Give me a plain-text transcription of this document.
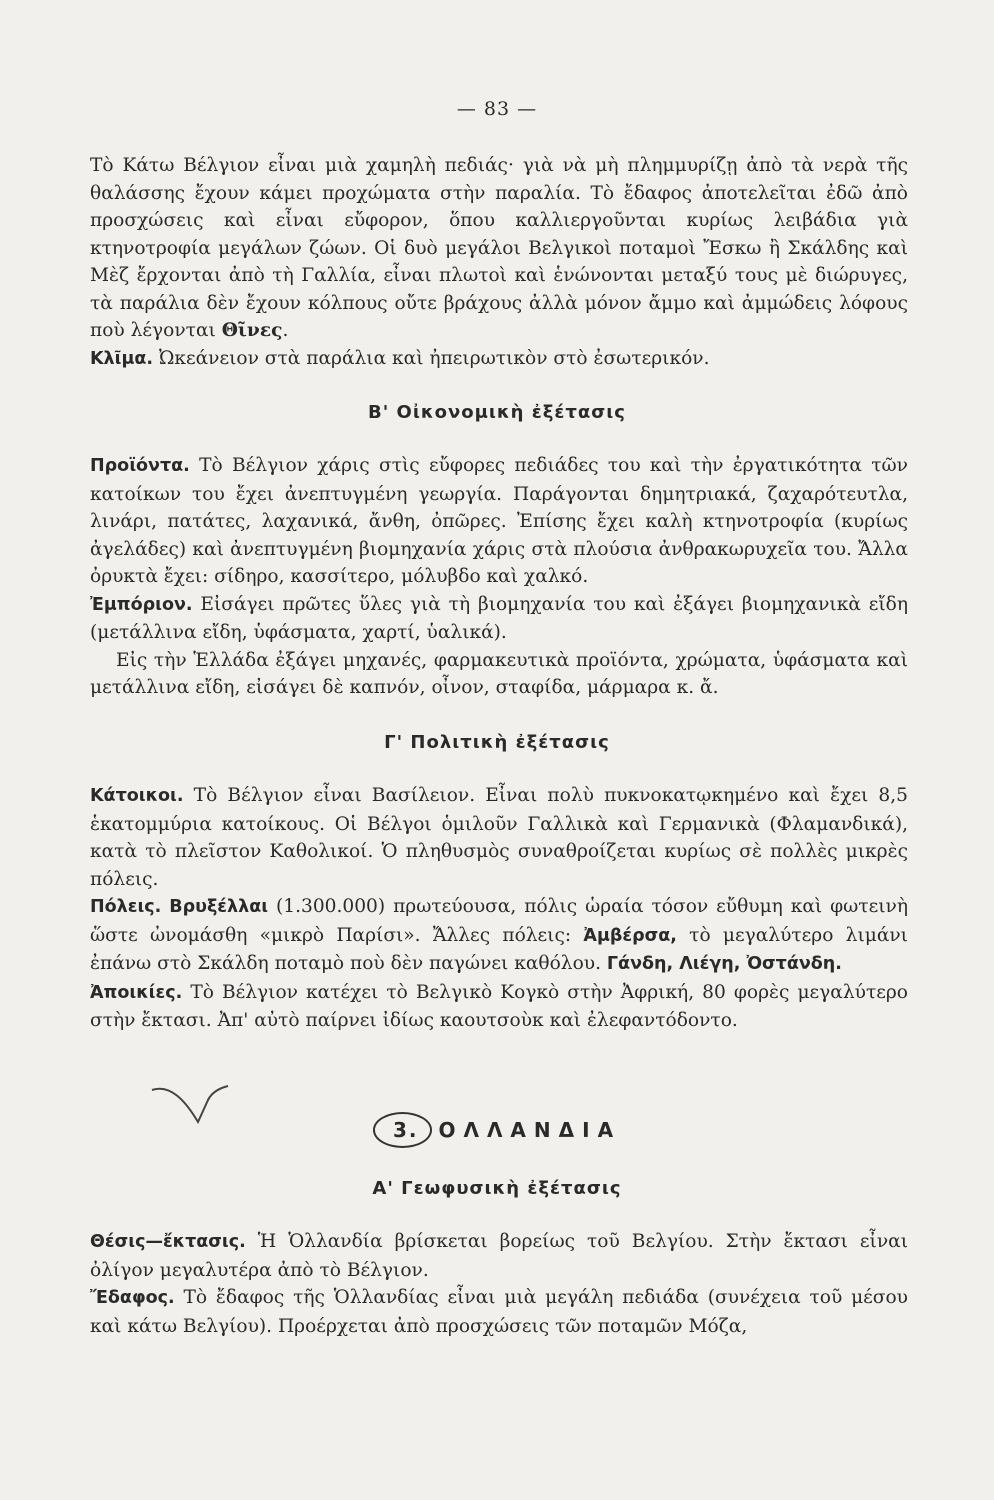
— 83 —

Τὸ Κάτω Βέλγιον εἶναι μιὰ χαμηλὴ πεδιάς· γιὰ νὰ μὴ πλημμυρίζῃ ἀπὸ τὰ νερὰ τῆς θαλάσσης ἔχουν κάμει προχώματα στὴν παραλία. Τὸ ἔδαφος ἀποτελεῖται ἐδῶ ἀπὸ προσχώσεις καὶ εἶναι εὔφορον, ὅπου καλλιεργοῦνται κυρίως λειβάδια γιὰ κτηνοτροφία μεγάλων ζώων. Οἱ δυὸ μεγάλοι Βελγικοὶ ποταμοὶ Ἔσκω ἢ Σκάλδης καὶ Μὲζ ἔρχονται ἀπὸ τὴ Γαλλία, εἶναι πλωτοὶ καὶ ἑνώνονται μεταξύ τους μὲ διώρυγες, τὰ παράλια δὲν ἔχουν κόλπους οὔτε βράχους ἀλλὰ μόνον ἄμμο καὶ ἀμμώδεις λόφους ποὺ λέγονται Θῖνες.

Κλῖμα. Ὠκεάνειον στὰ παράλια καὶ ἠπειρωτικὸν στὸ ἐσωτερικόν.

Β' Οἰκονομικὴ ἐξέτασις

Προϊόντα. Τὸ Βέλγιον χάρις στὶς εὔφορες πεδιάδες του καὶ τὴν ἐργατικότητα τῶν κατοίκων του ἔχει ἀνεπτυγμένη γεωργία. Παράγονται δημητριακά, ζαχαρότευτλα, λινάρι, πατάτες, λαχανικά, ἄνθη, ὀπῶρες. Ἐπίσης ἔχει καλὴ κτηνοτροφία (κυρίως ἀγελάδες) καὶ ἀνεπτυγμένη βιομηχανία χάρις στὰ πλούσια ἀνθρακωρυχεῖα του. Ἄλλα ὀρυκτὰ ἔχει: σίδηρο, κασσίτερο, μόλυβδο καὶ χαλκό.

Ἐμπόριον. Εἰσάγει πρῶτες ὕλες γιὰ τὴ βιομηχανία του καὶ ἐξάγει βιομηχανικὰ εἴδη (μετάλλινα εἴδη, ὑφάσματα, χαρτί, ὑαλικά).

Εἰς τὴν Ἑλλάδα ἐξάγει μηχανές, φαρμακευτικὰ προϊόντα, χρώματα, ὑφάσματα καὶ μετάλλινα εἴδη, εἰσάγει δὲ καπνόν, οἶνον, σταφίδα, μάρμαρα κ. ἄ.

Γ' Πολιτικὴ ἐξέτασις

Κάτοικοι. Τὸ Βέλγιον εἶναι Βασίλειον. Εἶναι πολὺ πυκνοκατῳκημένο καὶ ἔχει 8,5 ἑκατομμύρια κατοίκους. Οἱ Βέλγοι ὁμιλοῦν Γαλλικὰ καὶ Γερμανικὰ (Φλαμανδικά), κατὰ τὸ πλεῖστον Καθολικοί. Ὁ πληθυσμὸς συναθροίζεται κυρίως σὲ πολλὲς μικρὲς πόλεις.

Πόλεις. Βρυξέλλαι (1.300.000) πρωτεύουσα, πόλις ὡραία τόσον εὔθυμη καὶ φωτεινὴ ὥστε ὠνομάσθη «μικρὸ Παρίσι». Ἄλλες πόλεις: Ἀμβέρσα, τὸ μεγαλύτερο λιμάνι ἐπάνω στὸ Σκάλδη ποταμὸ ποὺ δὲν παγώνει καθόλου. Γάνδη, Λιέγη, Ὀστάνδη.

Ἀποικίες. Τὸ Βέλγιον κατέχει τὸ Βελγικὸ Κογκὸ στὴν Ἀφρική, 80 φορὲς μεγαλύτερο στὴν ἔκτασι. Ἀπ' αὐτὸ παίρνει ἰδίως καουτσοὺκ καὶ ἐλεφαντόδοντο.

3. ΟΛΛΑΝΔΙΑ
Α' Γεωφυσικὴ ἐξέτασις

Θέσις—ἔκτασις. Ἡ Ὁλλανδία βρίσκεται βορείως τοῦ Βελγίου. Στὴν ἔκτασι εἶναι ὀλίγον μεγαλυτέρα ἀπὸ τὸ Βέλγιον.

Ἔδαφος. Τὸ ἔδαφος τῆς Ὁλλανδίας εἶναι μιὰ μεγάλη πεδιάδα (συνέχεια τοῦ μέσου καὶ κάτω Βελγίου). Προέρχεται ἀπὸ προσχώσεις τῶν ποταμῶν Μόζα,
